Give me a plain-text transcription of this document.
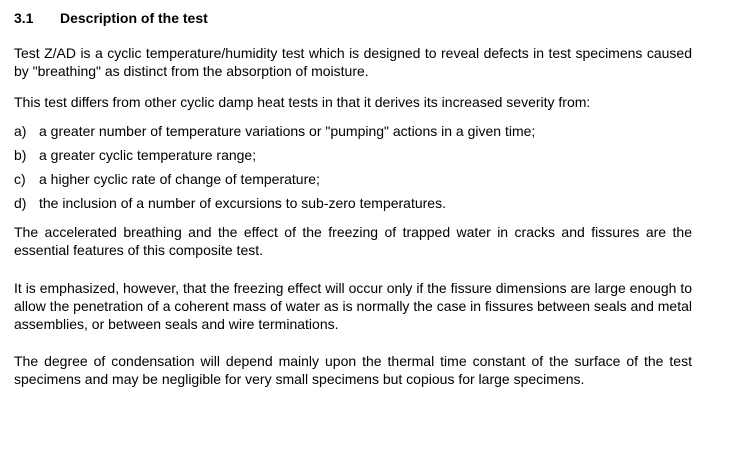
3.1	Description of the test

Test Z/AD is a cyclic temperature/humidity test which is designed to reveal defects in test specimens caused by "breathing" as distinct from the absorption of moisture.

This test differs from other cyclic damp heat tests in that it derives its increased severity from:

a) a greater number of temperature variations or "pumping" actions in a given time;
b) a greater cyclic temperature range;
c) a higher cyclic rate of change of temperature;
d) the inclusion of a number of excursions to sub-zero temperatures.

The accelerated breathing and the effect of the freezing of trapped water in cracks and fissures are the essential features of this composite test.

It is emphasized, however, that the freezing effect will occur only if the fissure dimensions are large enough to allow the penetration of a coherent mass of water as is normally the case in fissures between seals and metal assemblies, or between seals and wire terminations.

The degree of condensation will depend mainly upon the thermal time constant of the surface of the test specimens and may be negligible for very small specimens but copious for large specimens.
